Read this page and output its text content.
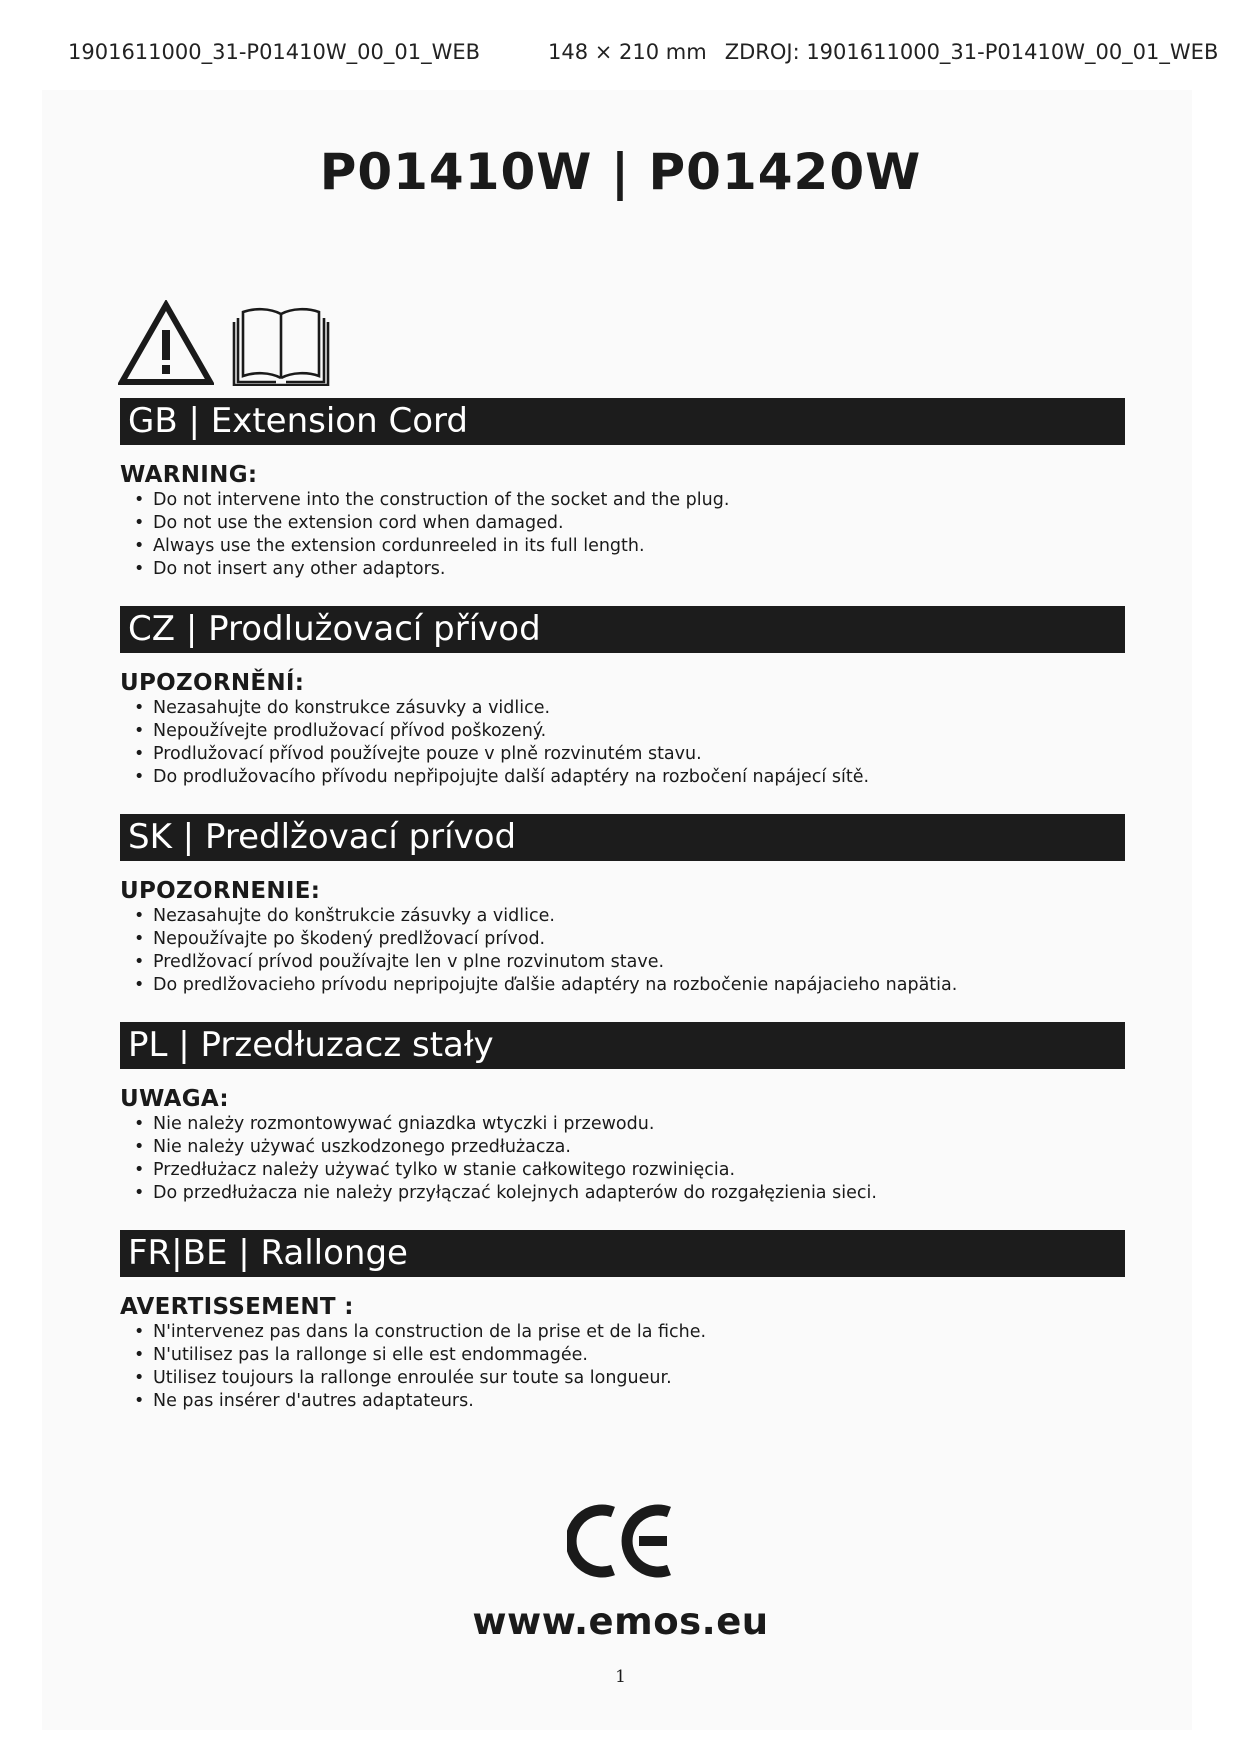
1901611000_31-P01410W_00_01_WEB	148 × 210 mm ZDROJ: 1901611000_31-P01410W_00_01_WEB
P01410W | P01420W
GB | Extension Cord
WARNING:
• Do not intervene into the construction of the socket and the plug.
• Do not use the extension cord when damaged.
• Always use the extension cordunreeled in its full length.
• Do not insert any other adaptors.
CZ | Prodlužovací přívod
UPOZORNĚNÍ:
• Nezasahujte do konstrukce zásuvky a vidlice.
• Nepoužívejte prodlužovací přívod poškozený.
• Prodlužovací přívod používejte pouze v plně rozvinutém stavu.
• Do prodlužovacího přívodu nepřipojujte další adaptéry na rozbočení napájecí sítě.
SK | Predlžovací prívod
UPOZORNENIE:
• Nezasahujte do konštrukcie zásuvky a vidlice.
• Nepoužívajte po škodený predlžovací prívod.
• Predlžovací prívod používajte len v plne rozvinutom stave.
• Do predlžovacieho prívodu nepripojujte ďalšie adaptéry na rozbočenie napájacieho napätia.
PL | Przedłuzacz stały
UWAGA:
• Nie należy rozmontowywać gniazdka wtyczki i przewodu.
• Nie należy używać uszkodzonego przedłużacza.
• Przedłużacz należy używać tylko w stanie całkowitego rozwinięcia.
• Do przedłużacza nie należy przyłączać kolejnych adapterów do rozgałęzienia sieci.
FR|BE | Rallonge
AVERTISSEMENT :
• N'intervenez pas dans la construction de la prise et de la fiche.
• N'utilisez pas la rallonge si elle est endommagée.
• Utilisez toujours la rallonge enroulée sur toute sa longueur.
• Ne pas insérer d'autres adaptateurs.
www.emos.eu
1
